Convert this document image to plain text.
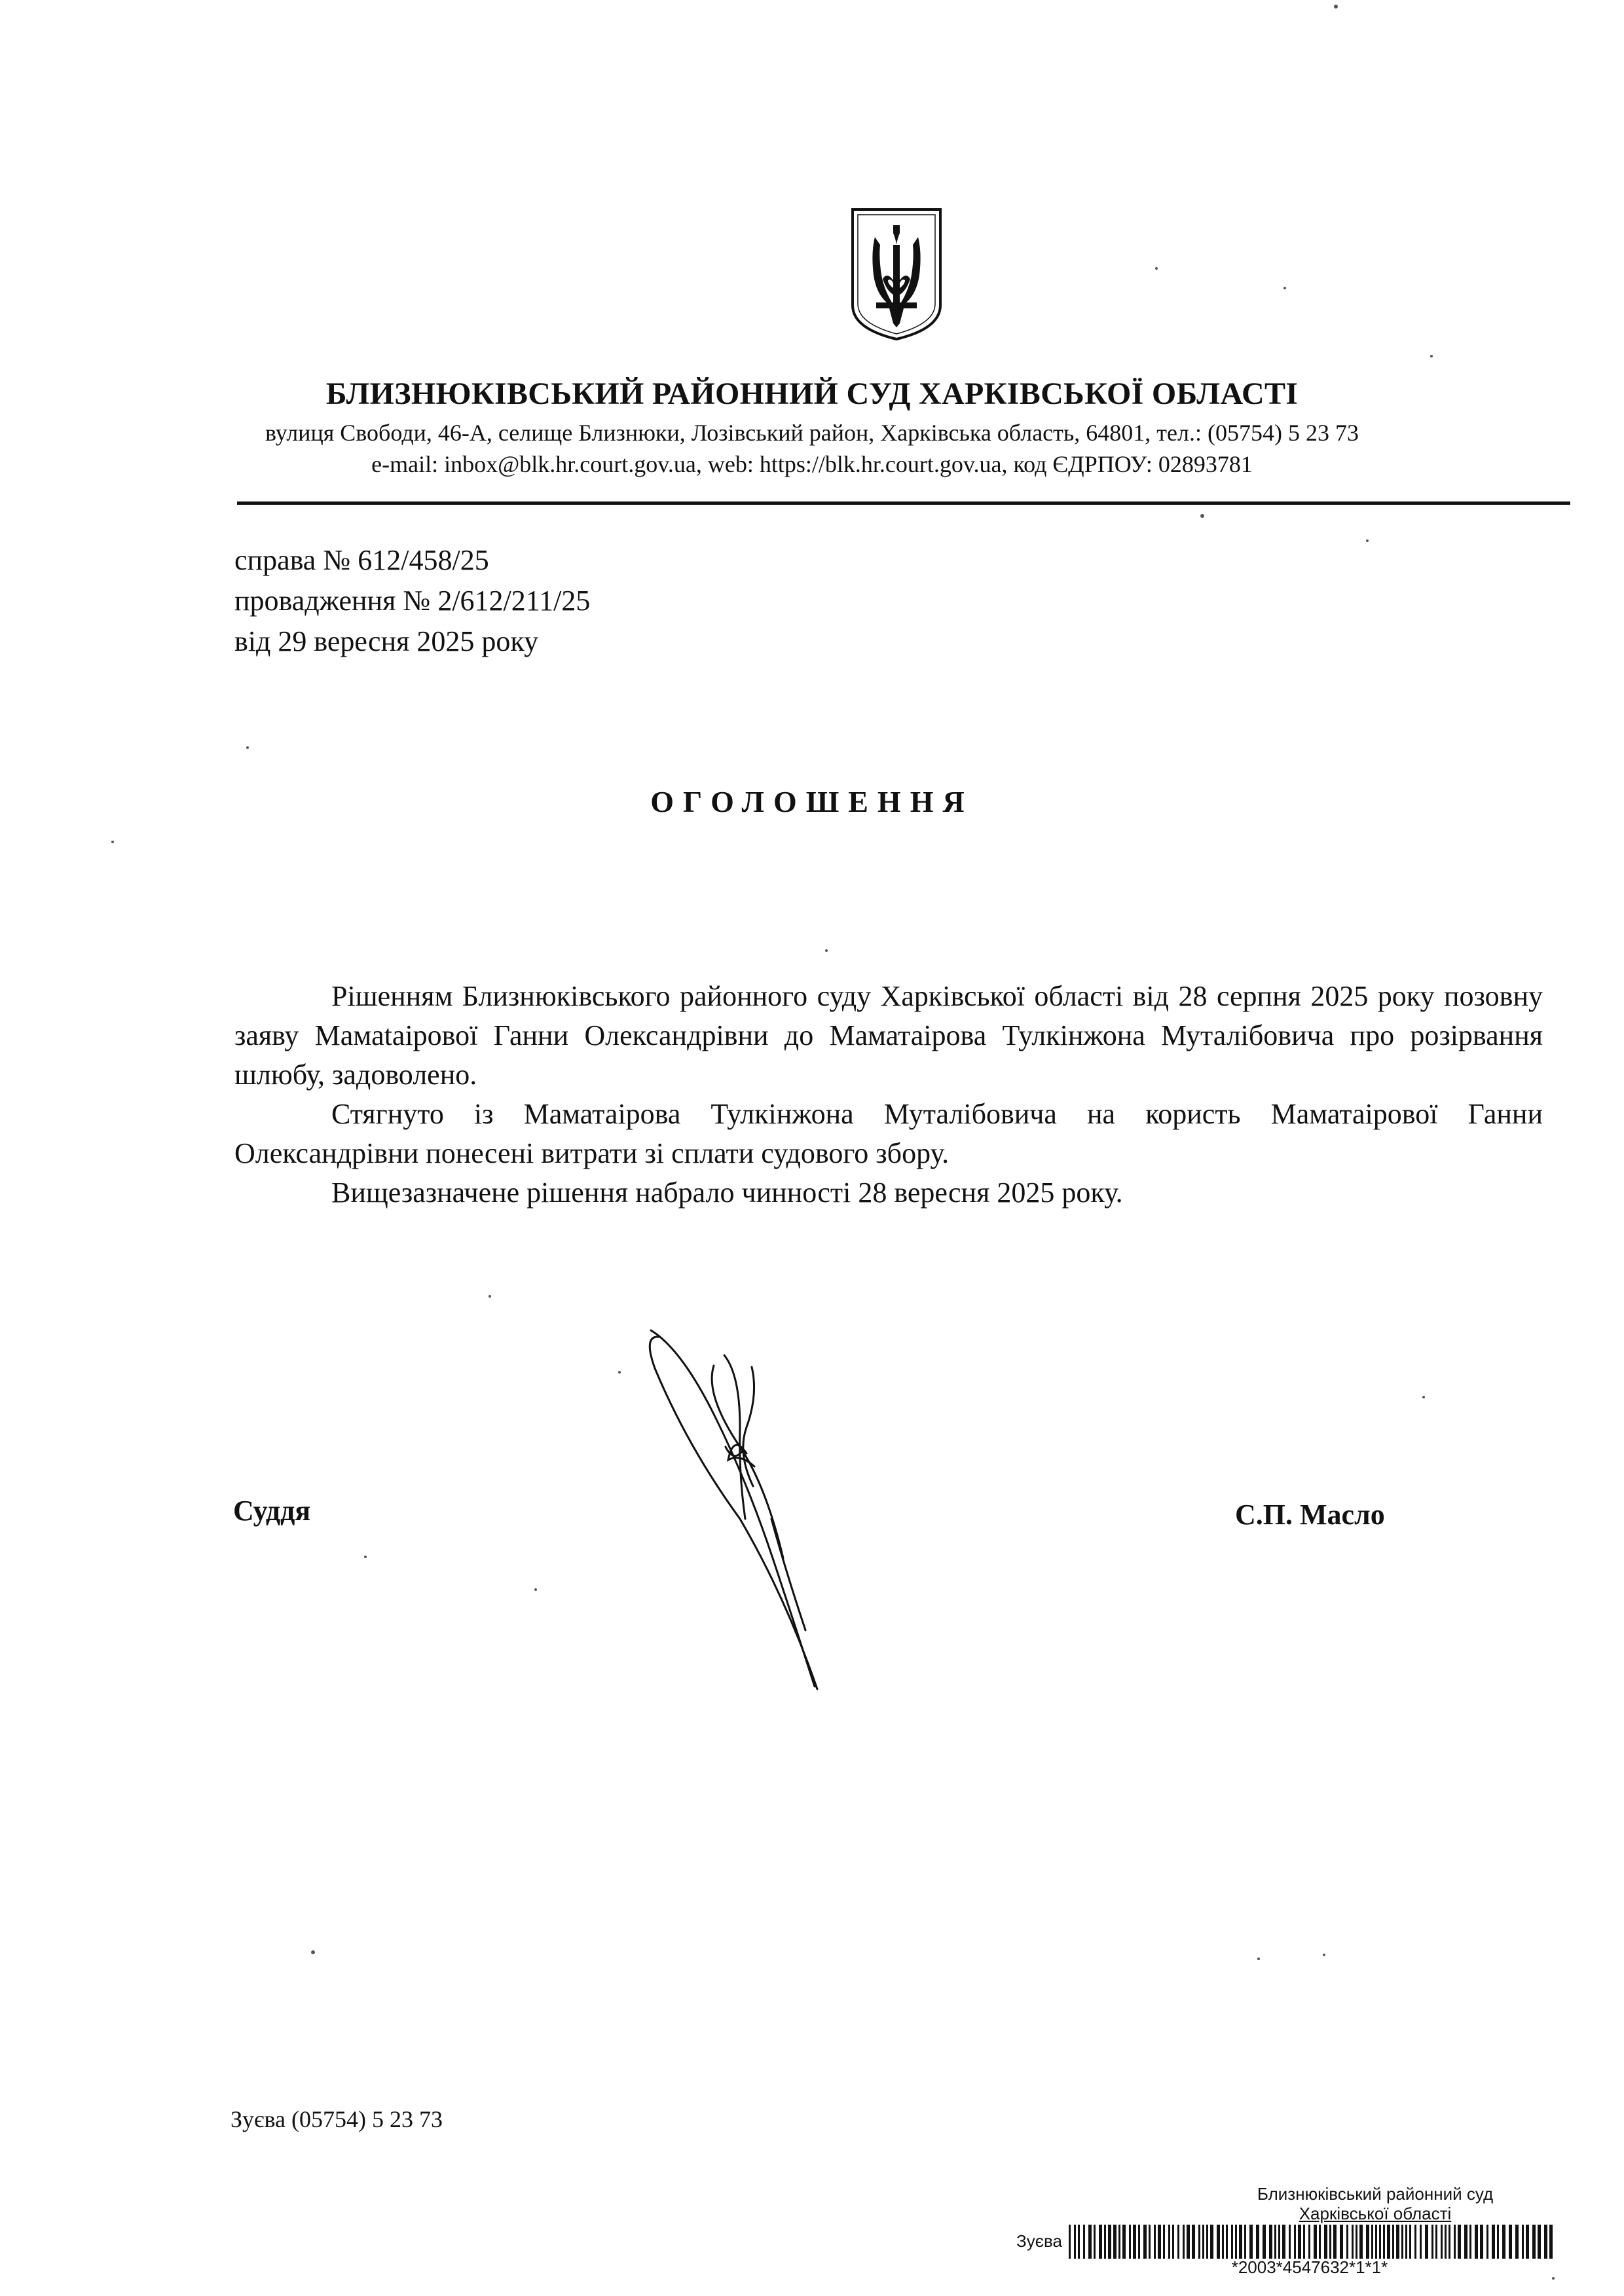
БЛИЗНЮКІВСЬКИЙ РАЙОННИЙ СУД ХАРКІВСЬКОЇ ОБЛАСТІ
вулиця Свободи, 46-А, селище Близнюки, Лозівський район, Харківська область, 64801, тел.: (05754) 5 23 73
e-mail: inbox@blk.hr.court.gov.ua, web: https://blk.hr.court.gov.ua, код ЄДРПОУ: 02893781
справа № 612/458/25
провадження № 2/612/211/25
від 29 вересня 2025 року
ОГОЛОШЕННЯ

Рішенням Близнюківського районного суду Харківської області від 28 серпня 2025 року позовну заяву Мамataірової Ганни Олександрівни до Маматаірова Тулкінжона Муталібовича про розірвання шлюбу, задоволено.

Стягнуто із Маматаірова Тулкінжона Муталібовича на користь Маматаірової Ганни Олександрівни понесені витрати зі сплати судового збору.

Вищезазначене рішення набрало чинності 28 вересня 2025 року.

Суддя	С.П. Масло
Зуєва (05754) 5 23 73
Близнюківський районний суд
Харківської області
Зуєва
*2003*4547632*1*1*
